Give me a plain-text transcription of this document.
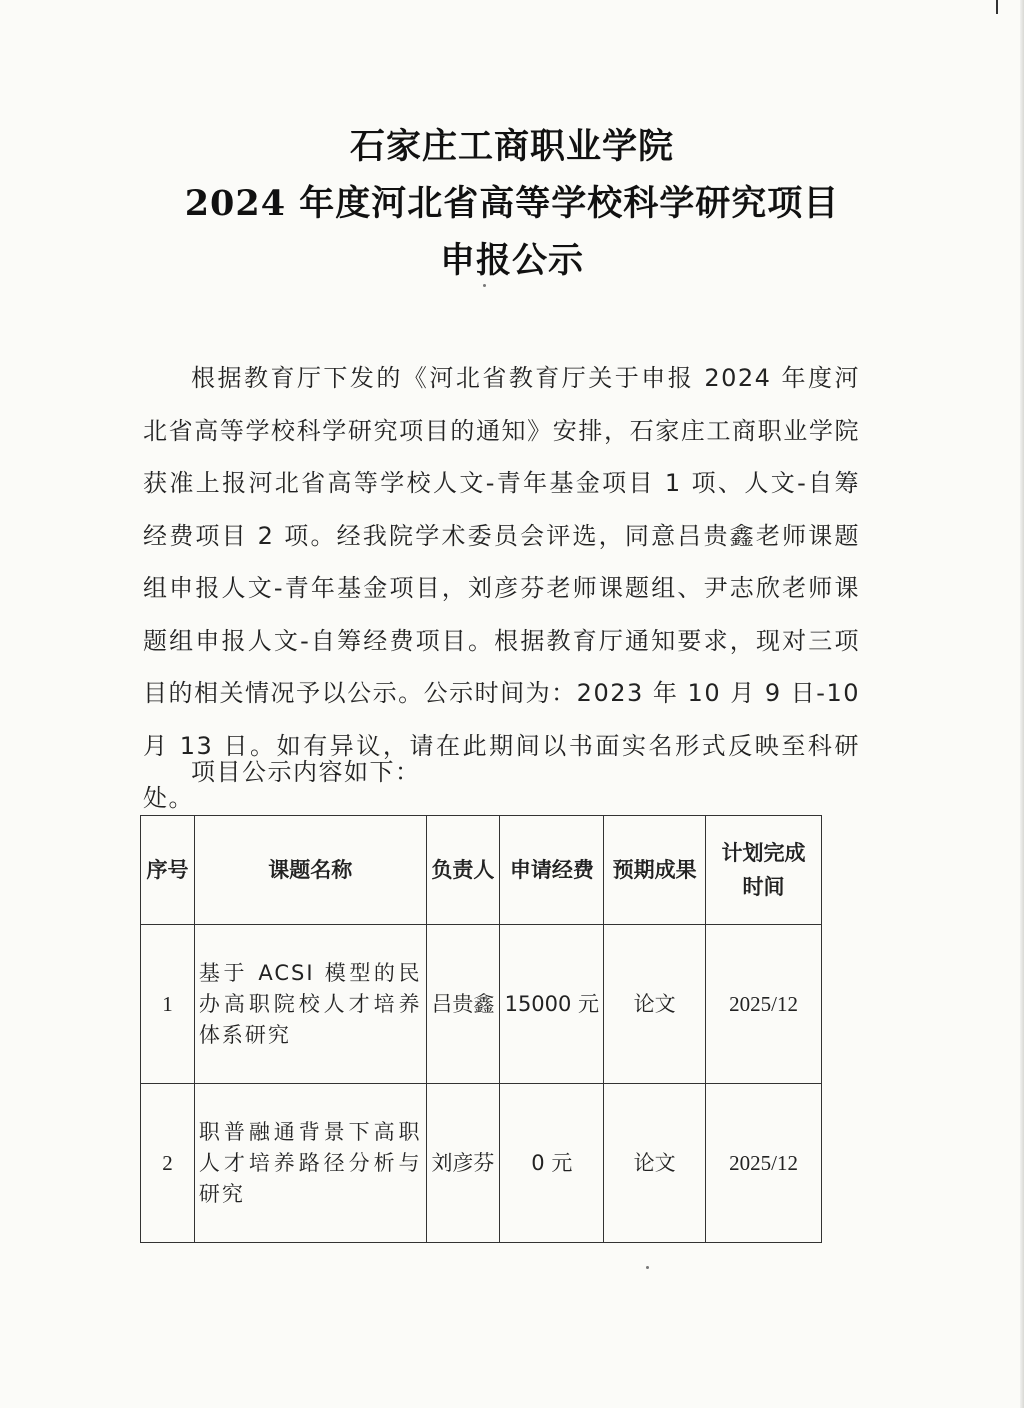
石家庄工商职业学院
2024 年度河北省高等学校科学研究项目
申报公示
根据教育厅下发的《河北省教育厅关于申报 2024 年度河北省高等学校科学研究项目的通知》安排，石家庄工商职业学院获准上报河北省高等学校人文-青年基金项目 1 项、人文-自筹经费项目 2 项。经我院学术委员会评选，同意吕贵鑫老师课题组申报人文-青年基金项目，刘彦芬老师课题组、尹志欣老师课题组申报人文-自筹经费项目。根据教育厅通知要求，现对三项目的相关情况予以公示。公示时间为：2023 年 10 月 9 日-10 月 13 日。如有异议，请在此期间以书面实名形式反映至科研处。
项目公示内容如下：
序号	课题名称	负责人	申请经费	预期成果	计划完成
时间
1	基于 ACSI 模型的民办高职院校人才培养体系研究	吕贵鑫	15000 元	论文	2025/12
2	职普融通背景下高职人才培养路径分析与研究	刘彦芬	0 元	论文	2025/12
